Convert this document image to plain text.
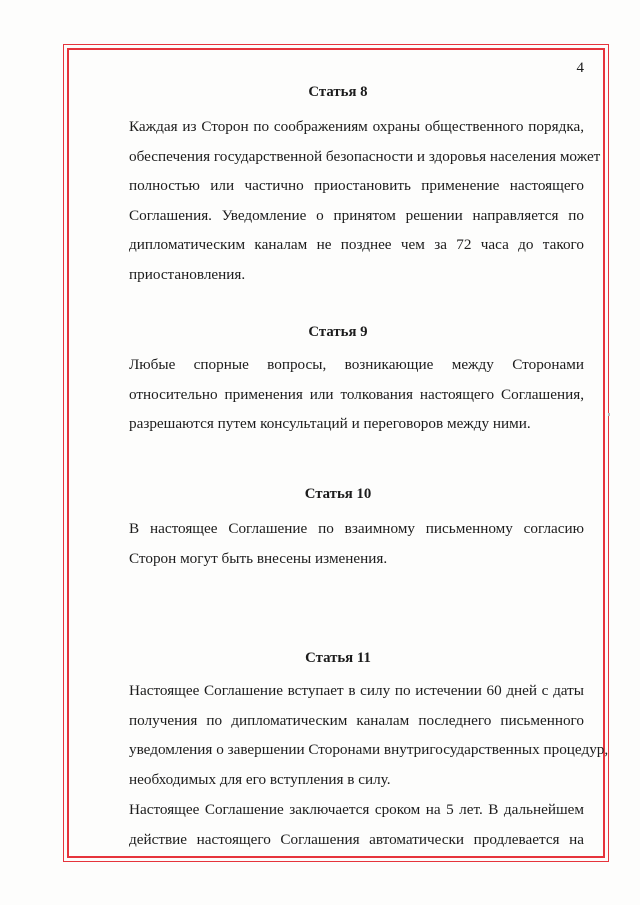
4
Статья 8
Каждая из Сторон по соображениям охраны общественного порядка,
обеспечения государственной безопасности и здоровья населения может
полностью или частично приостановить применение настоящего
Соглашения. Уведомление о принятом решении направляется по
дипломатическим каналам не позднее чем за 72 часа до такого
приостановления.
Статья 9
Любые спорные вопросы, возникающие между Сторонами
относительно применения или толкования настоящего Соглашения,
разрешаются путем консультаций и переговоров между ними.
Статья 10
В настоящее Соглашение по взаимному письменному согласию
Сторон могут быть внесены изменения.
Статья 11
Настоящее Соглашение вступает в силу по истечении 60 дней с даты
получения по дипломатическим каналам последнего письменного
уведомления о завершении Сторонами внутригосударственных процедур,
необходимых для его вступления в силу.
Настоящее Соглашение заключается сроком на 5 лет. В дальнейшем
действие настоящего Соглашения автоматически продлевается на
